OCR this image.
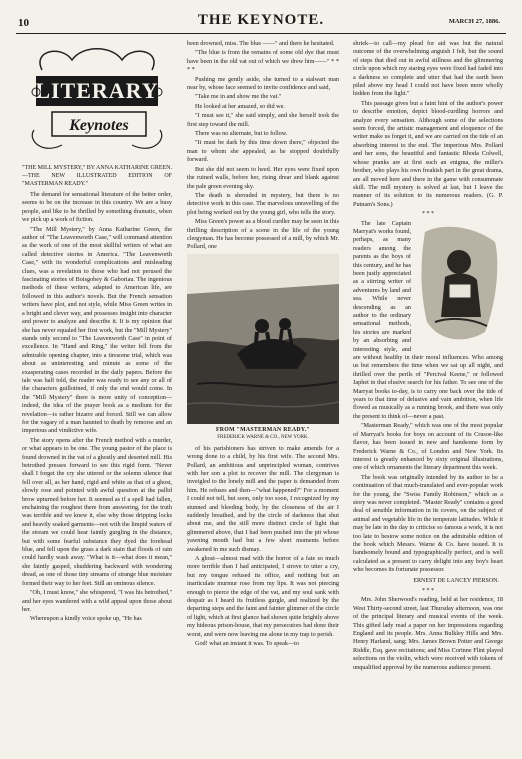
10	THE KEYNOTE.	MARCH 27, 1886.
LITERARY
Keynotes
"THE MILL MYSTERY," BY ANNA KATHARINE GREEN.—THE NEW ILLUSTRATED EDITION OF "MASTERMAN READY."

The demand for sensational literature of the better order, seems to be on the increase in this country. We are a busy people, and like to be thrilled by something dramatic, when we pick up a work of fiction.

"The Mill Mystery," by Anna Katharine Green, the author of "The Leavenworth Case," will command attention as the work of one of the most skillful writers of what are called detective stories in America. "The Leavenworth Case," with its wonderful complications and misleading clues, was a revelation to those who had not perused the fascinating stories of Boisgobey & Gaboriau. The ingenious methods of these writers, adapted to American life, are followed in this author's novels. But the French sensation writers have plot, and not style, while Miss Green writes in a bright and clever way, and possesses insight into character and power to analyze and describe it. It is my opinion that she has never equaled her first work, but the "Mill Mystery" stands only second to "The Leavenworth Case" in point of excellence. In "Hand and Ring," the writer fell from the admirable opening chapter, into a tiresome trial, which was about as uninteresting and minute as some of the exasperating cases recorded in the daily papers. Before the tale was half told, the reader was ready to see any or all of the characters guillotined, if only the end would come. In the "Mill Mystery" there is more unity of conception—indeed, the idea of the prayer book as a medium for the revelation—is rather bizarre and forced. Still we can allow for the vagary of a man haunted to death by remorse and an imperious and vindictive wife.

The story opens after the French method with a murder, or what appears to be one. The young pastor of the place is found drowned in the vat of a ghostly and deserted mill. His betrothed presses forward to see this rigid form. "Never shall I forget the cry she uttered or the solemn silence that fell over all, as her hand, rigid and white as that of a ghost, slowly rose and pointed with awful question at the pallid brow upturned before her. It seemed as if a spell had fallen, enchaining the roughest there from answering, for the truth was terrible and we knew it, else why those dripping locks and heavily soaked garments—not with the limpid waters of the stream we could hear faintly gurgling in the distance, but with some fearful substance they dyed the forehead blue, and fell upon the grass a dark stain that floods of rain could hardly wash away. "What is it—what does it mean," she faintly gasped, shuddering backward with wondering dread, as one of those tiny streams of strange blue moisture formed their way to her feet. Still an ominous silence.

"Oh, I must know," she whispered, "I was his betrothed," and her eyes wandered with a wild appeal upon those about her.

Whereupon a kindly voice spoke up, "He has

been drowned, miss. The blue ——" and there he hesitated.

"The blue is from the remains of some old dye that must have been in the old vat out of which we drew him——" * * * *

Pushing me gently aside, she turned to a stalwart man near by, whose face seemed to invite confidence and said,

"Take me in and show me the vat."

He looked at her amazed, so did we.

"I must see it," she said simply, and she herself took the first step toward the mill.

There was no alternate, but to follow.

"It must be dark by this time down there," objected the man to whom she appealed, as he stopped doubtfully forward.

But she did not seem to heed. Her eyes were fixed upon the ruined walls, before her, rising drear and blank against the pale green evening sky.

The death is shrouded in mystery, but there is no detective work in this case. The marvelous unravelling of the plot being worked out by the young girl, who tells the story.

Miss Green's power as a blood curdler may be seen in this thrilling description of a scene in the life of the young clergyman. He has become possessed of a mill, by which Mr. Pollard, one

FROM "MASTERMAN READY."
FREDERICK WARNE & CO., NEW YORK.

of his parishioners has striven to make amends for a wrong done to a child, by his first wife. The second Mrs. Pollard, an ambitious and unprincipled woman, contrives with her son a plot to recover the mill. The clergyman is inveigled to the lonely mill and the paper is demanded from him. He refuses and then—"what happened?" For a moment I could not tell, but soon, only too soon, I recognized by my stunned and bleeding body, by the closeness of the air I suddenly breathed, and by the circle of darkness that shut about me, and the still more distinct circle of light that glimmered above, that I had been pushed into the pit whose yawning mouth had but a few short moments before awakened in me such dismay.

A ghost—almost mad with the horror of a fate so much more terrible than I had anticipated, I strove to utter a cry, but my tongue refused its office, and nothing but an inarticulate murmur rose from my lips. It was not piercing enough to pierce the edge of the vat, and my soul sank with despair as I heard its fruitless gurgle, and realized by the departing steps and the faint and fainter glimmer of the circle of light, which at first glance had shown quite brightly above my hideous prison-house, that my persecutors had done their worst, and were now leaving me alone in my trap to perish.

God! what an instant it was. To speak—to

shriek—to call—my plead for aid was but the natural outcome of the overwhelming anguish I felt, but the sound of steps that died out in awful stillness and the glimmering circle upon which my staring eyes were fixed had faded into a darkness so complete and utter that had the earth been piled above my head I could not have been more wholly hidden from the light."

This passage gives but a faint hint of the author's power to describe emotion, depict blood-curdling horrors and analyze every sensation. Although some of the selections seem forced, the artistic management and eloquence of the writer make us forget it, and we are carried on the tide of an absorbing interest to the end. The imperious Mrs. Pollard and her sons, the beautiful and fantastic Rhoda Colwell, whose pranks are at first such an enigma, the miller's brother, who plays his own freakish part in the great drama, are all moved here and there in the game with consummate skill. The mill mystery is solved at last, but I leave the manner of its solution to its numerous readers. (G. P. Putnam's Sons.)

* * *

The late Captain Marryat's works found, perhaps, as many readers among the parents as the boys of this century, and he has been justly appreciated as a stirring writer of adventures by land and sea. While never descending as an author to the ordinary sensational methods, his stories are marked by an absorbing and interesting style, and are without healthy in their moral influences. Who among us but remembers the time when we sat up all night, and thrilled over the perils of "Percival Keene," or followed Japhet in that elusive search for his father. To see one of the Marryat books to-day, is to carry one back over the tide of years to that time of delusive and vain ambition, when life flowed as musically as a running brook, and there was only the present to think of—never a past.

"Masterman Ready," which was one of the most popular of Marryat's books for boys on account of its Crusoe-like flavor, has been issued in new and handsome form by Frederick Warne & Co., of London and New York. Its interest is greatly enhanced by sixty original illustrations, one of which ornaments the literary department this week.

The book was originally intended by its author to be a continuation of that much-translated and ever-popular work for the young, the "Swiss Family Robinson," which as a story was never completed. "Master Ready" contains a good deal of sensible information in its covers, on the subject of animal and vegetable life in the temperate latitudes. While it may be late in the day to criticise so famous a work, it is not too late to bestow some notice on the admirable edition of the book which Messrs. Warne & Co. have issued. It is handsomely bound and typographically perfect, and is well calculated as a present to carry delight into any boy's heart who becomes its fortunate possessor.

ERNEST DE LANCEY PIERSON.
* * *

Mrs. John Sherwood's reading, held at her residence, 18 West Thirty-second street, last Thursday afternoon, was one of the principal literary and musical events of the week. This gifted lady read a paper on her impressions regarding England and its people. Mrs. Anna Bulkley Hills and Mrs. Henry Harland, sang; Mrs. James Brown Potter and George Riddle, Esq. gave recitations; and Miss Corinne Flint played selections on the violin, which were received with tokens of unqualified approval by the numerous audience present.
